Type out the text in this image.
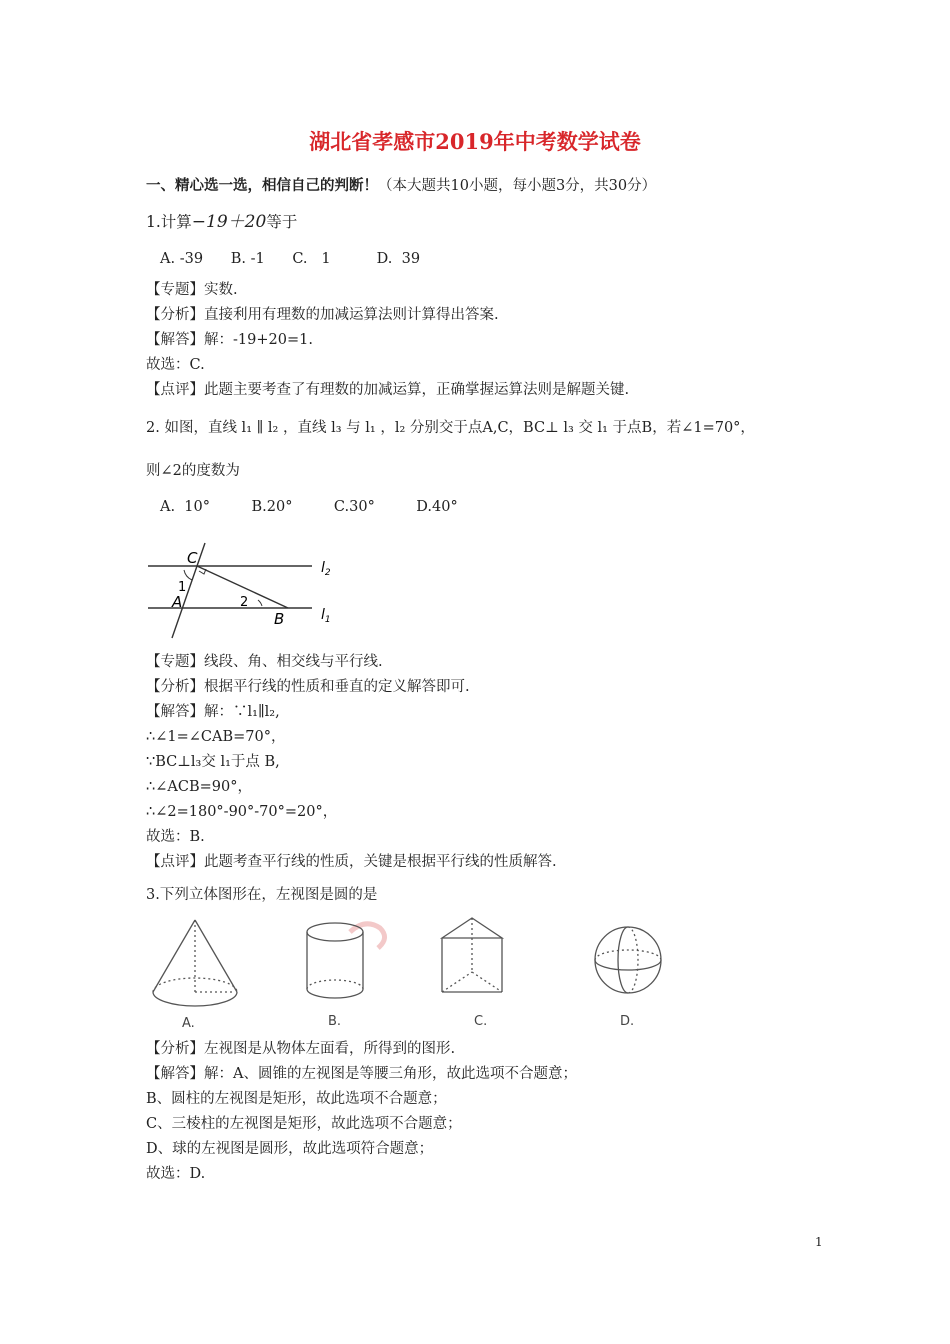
湖北省孝感市2019年中考数学试卷
一、精心选一选，相信自己的判断！（本大题共10小题，每小题3分，共30分）
1.计算−19＋20等于
A. -39      B. -1      C.   1          D.  39
【专题】实数.
【分析】直接利用有理数的加减运算法则计算得出答案.
【解答】解：-19+20=1.
故选：C.
【点评】此题主要考查了有理数的加减运算，正确掌握运算法则是解题关键.
2. 如图，直线 l₁ ∥ l₂ ，直线 l₃ 与 l₁ ，l₂ 分别交于点A,C，BC⊥ l₃ 交 l₁ 于点B，若∠1=70°，
则∠2的度数为
A.  10°         B.20°         C.30°         D.40°
C
1
A	2
B
$l_2$
$l_1$
【专题】线段、角、相交线与平行线.
【分析】根据平行线的性质和垂直的定义解答即可.
【解答】解：∵l₁∥l₂,
∴∠1=∠CAB=70°，
∵BC⊥l₃交 l₁于点 B,
∴∠ACB=90°，
∴∠2=180°-90°-70°=20°，
故选：B.
【点评】此题考查平行线的性质，关键是根据平行线的性质解答.
3.下列立体图形在，左视图是圆的是
A.	B.	C.	D.
【分析】左视图是从物体左面看，所得到的图形.
【解答】解：A、圆锥的左视图是等腰三角形，故此选项不合题意；
B、圆柱的左视图是矩形，故此选项不合题意；
C、三棱柱的左视图是矩形，故此选项不合题意；
D、球的左视图是圆形，故此选项符合题意；
故选：D.
1
